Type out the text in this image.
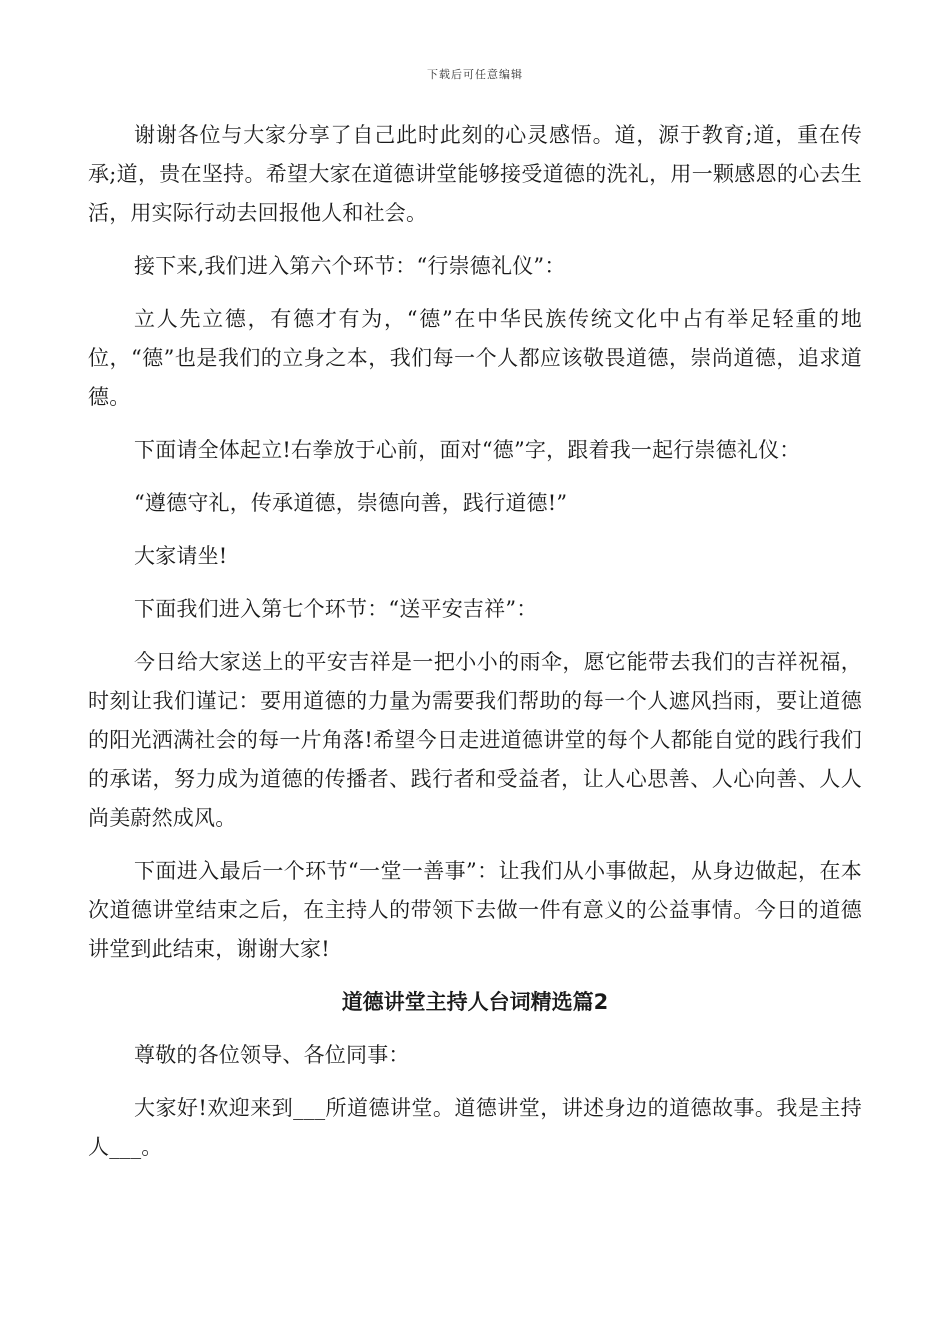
下载后可任意编辑

谢谢各位与大家分享了自己此时此刻的心灵感悟。道，源于教育;道，重在传承;道，贵在坚持。希望大家在道德讲堂能够接受道德的洗礼，用一颗感恩的心去生活，用实际行动去回报他人和社会。

接下来,我们进入第六个环节：“行崇德礼仪”：

立人先立德，有德才有为，“德”在中华民族传统文化中占有举足轻重的地位，“德”也是我们的立身之本，我们每一个人都应该敬畏道德，崇尚道德，追求道德。

下面请全体起立!右拳放于心前，面对“德”字，跟着我一起行崇德礼仪：

“遵德守礼，传承道德，崇德向善，践行道德!”

大家请坐!

下面我们进入第七个环节：“送平安吉祥”：

今日给大家送上的平安吉祥是一把小小的雨伞，愿它能带去我们的吉祥祝福，时刻让我们谨记：要用道德的力量为需要我们帮助的每一个人遮风挡雨，要让道德的阳光洒满社会的每一片角落!希望今日走进道德讲堂的每个人都能自觉的践行我们的承诺，努力成为道德的传播者、践行者和受益者，让人心思善、人心向善、人人尚美蔚然成风。

下面进入最后一个环节“一堂一善事”：让我们从小事做起，从身边做起，在本次道德讲堂结束之后，在主持人的带领下去做一件有意义的公益事情。今日的道德讲堂到此结束，谢谢大家!

道德讲堂主持人台词精选篇2

尊敬的各位领导、各位同事：

大家好!欢迎来到___所道德讲堂。道德讲堂，讲述身边的道德故事。我是主持人___。
